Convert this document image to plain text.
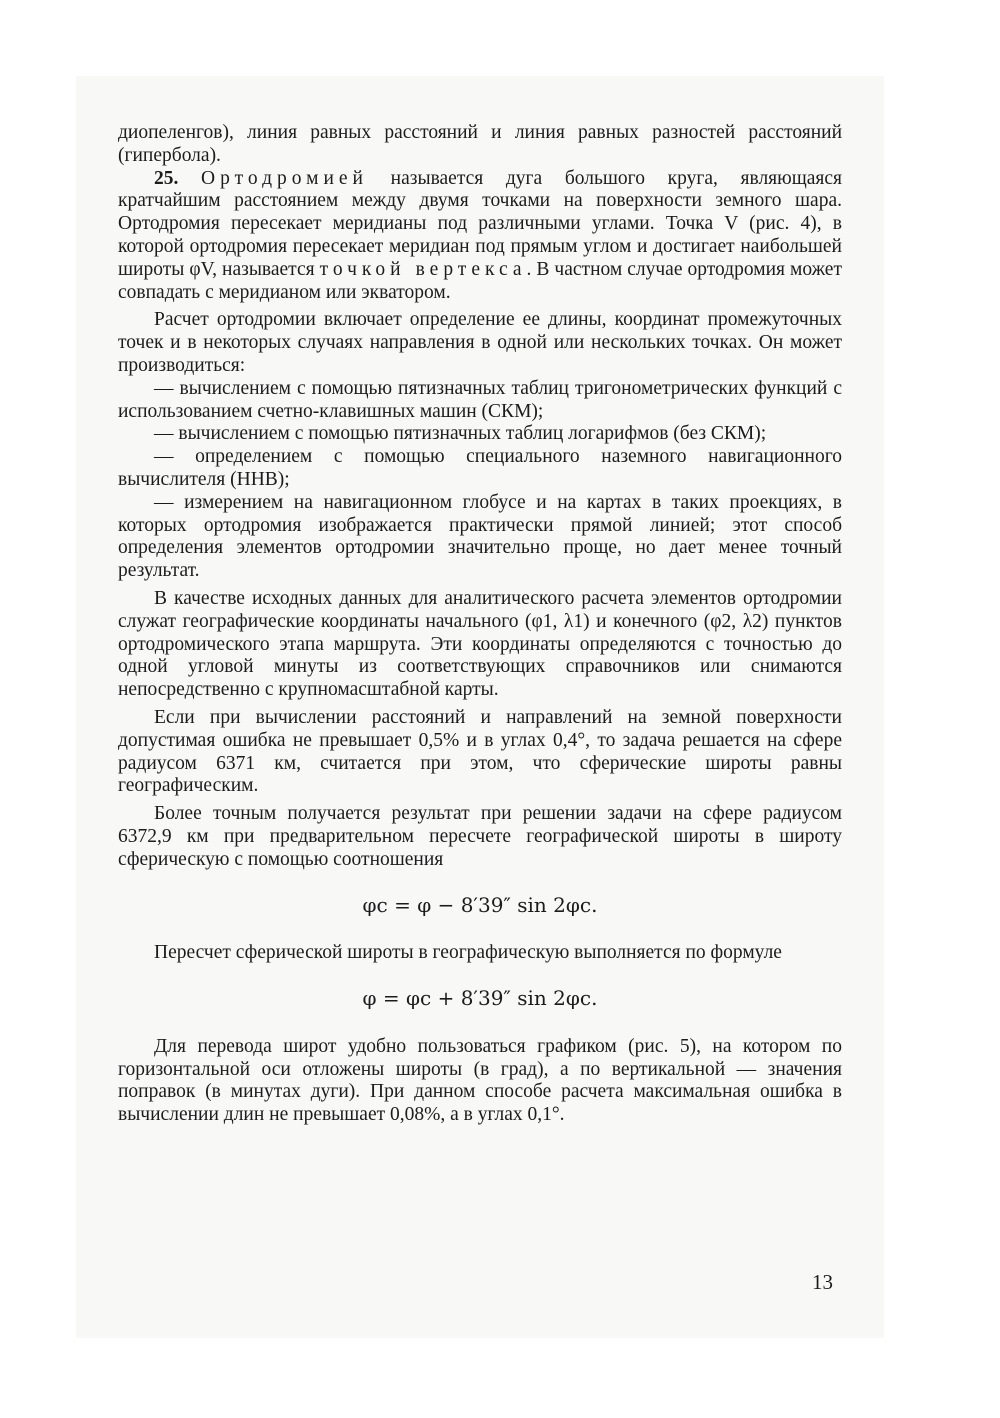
диопеленгов), линия равных расстояний и линия равных разностей расстояний (гипербола).

25. Ортодромией называется дуга большого круга, являющаяся кратчайшим расстоянием между двумя точками на поверхности земного шара. Ортодромия пересекает меридианы под различными углами. Точка V (рис. 4), в которой ортодромия пересекает меридиан под прямым углом и достигает наибольшей широты φV, называется точкой вертекса. В частном случае ортодромия может совпадать с меридианом или экватором.

Расчет ортодромии включает определение ее длины, координат промежуточных точек и в некоторых случаях направления в одной или нескольких точках. Он может производиться:

— вычислением с помощью пятизначных таблиц тригонометрических функций с использованием счетно-клавишных машин (СКМ);

— вычислением с помощью пятизначных таблиц логарифмов (без СКМ);

— определением с помощью специального наземного навигационного вычислителя (ННВ);

— измерением на навигационном глобусе и на картах в таких проекциях, в которых ортодромия изображается практически прямой линией; этот способ определения элементов ортодромии значительно проще, но дает менее точный результат.

В качестве исходных данных для аналитического расчета элементов ортодромии служат географические координаты начального (φ1, λ1) и конечного (φ2, λ2) пунктов ортодромического этапа маршрута. Эти координаты определяются с точностью до одной угловой минуты из соответствующих справочников или снимаются непосредственно с крупномасштабной карты.

Если при вычислении расстояний и направлений на земной поверхности допустимая ошибка не превышает 0,5% и в углах 0,4°, то задача решается на сфере радиусом 6371 км, считается при этом, что сферические широты равны географическим.

Более точным получается результат при решении задачи на сфере радиусом 6372,9 км при предварительном пересчете географической широты в широту сферическую с помощью соотношения

φc = φ − 8′39″ sin 2φc.

Пересчет сферической широты в географическую выполняется по формуле

φ = φc + 8′39″ sin 2φc.

Для перевода широт удобно пользоваться графиком (рис. 5), на котором по горизонтальной оси отложены широты (в град), а по вертикальной — значения поправок (в минутах дуги). При данном способе расчета максимальная ошибка в вычислении длин не превышает 0,08%, а в углах 0,1°.

13
